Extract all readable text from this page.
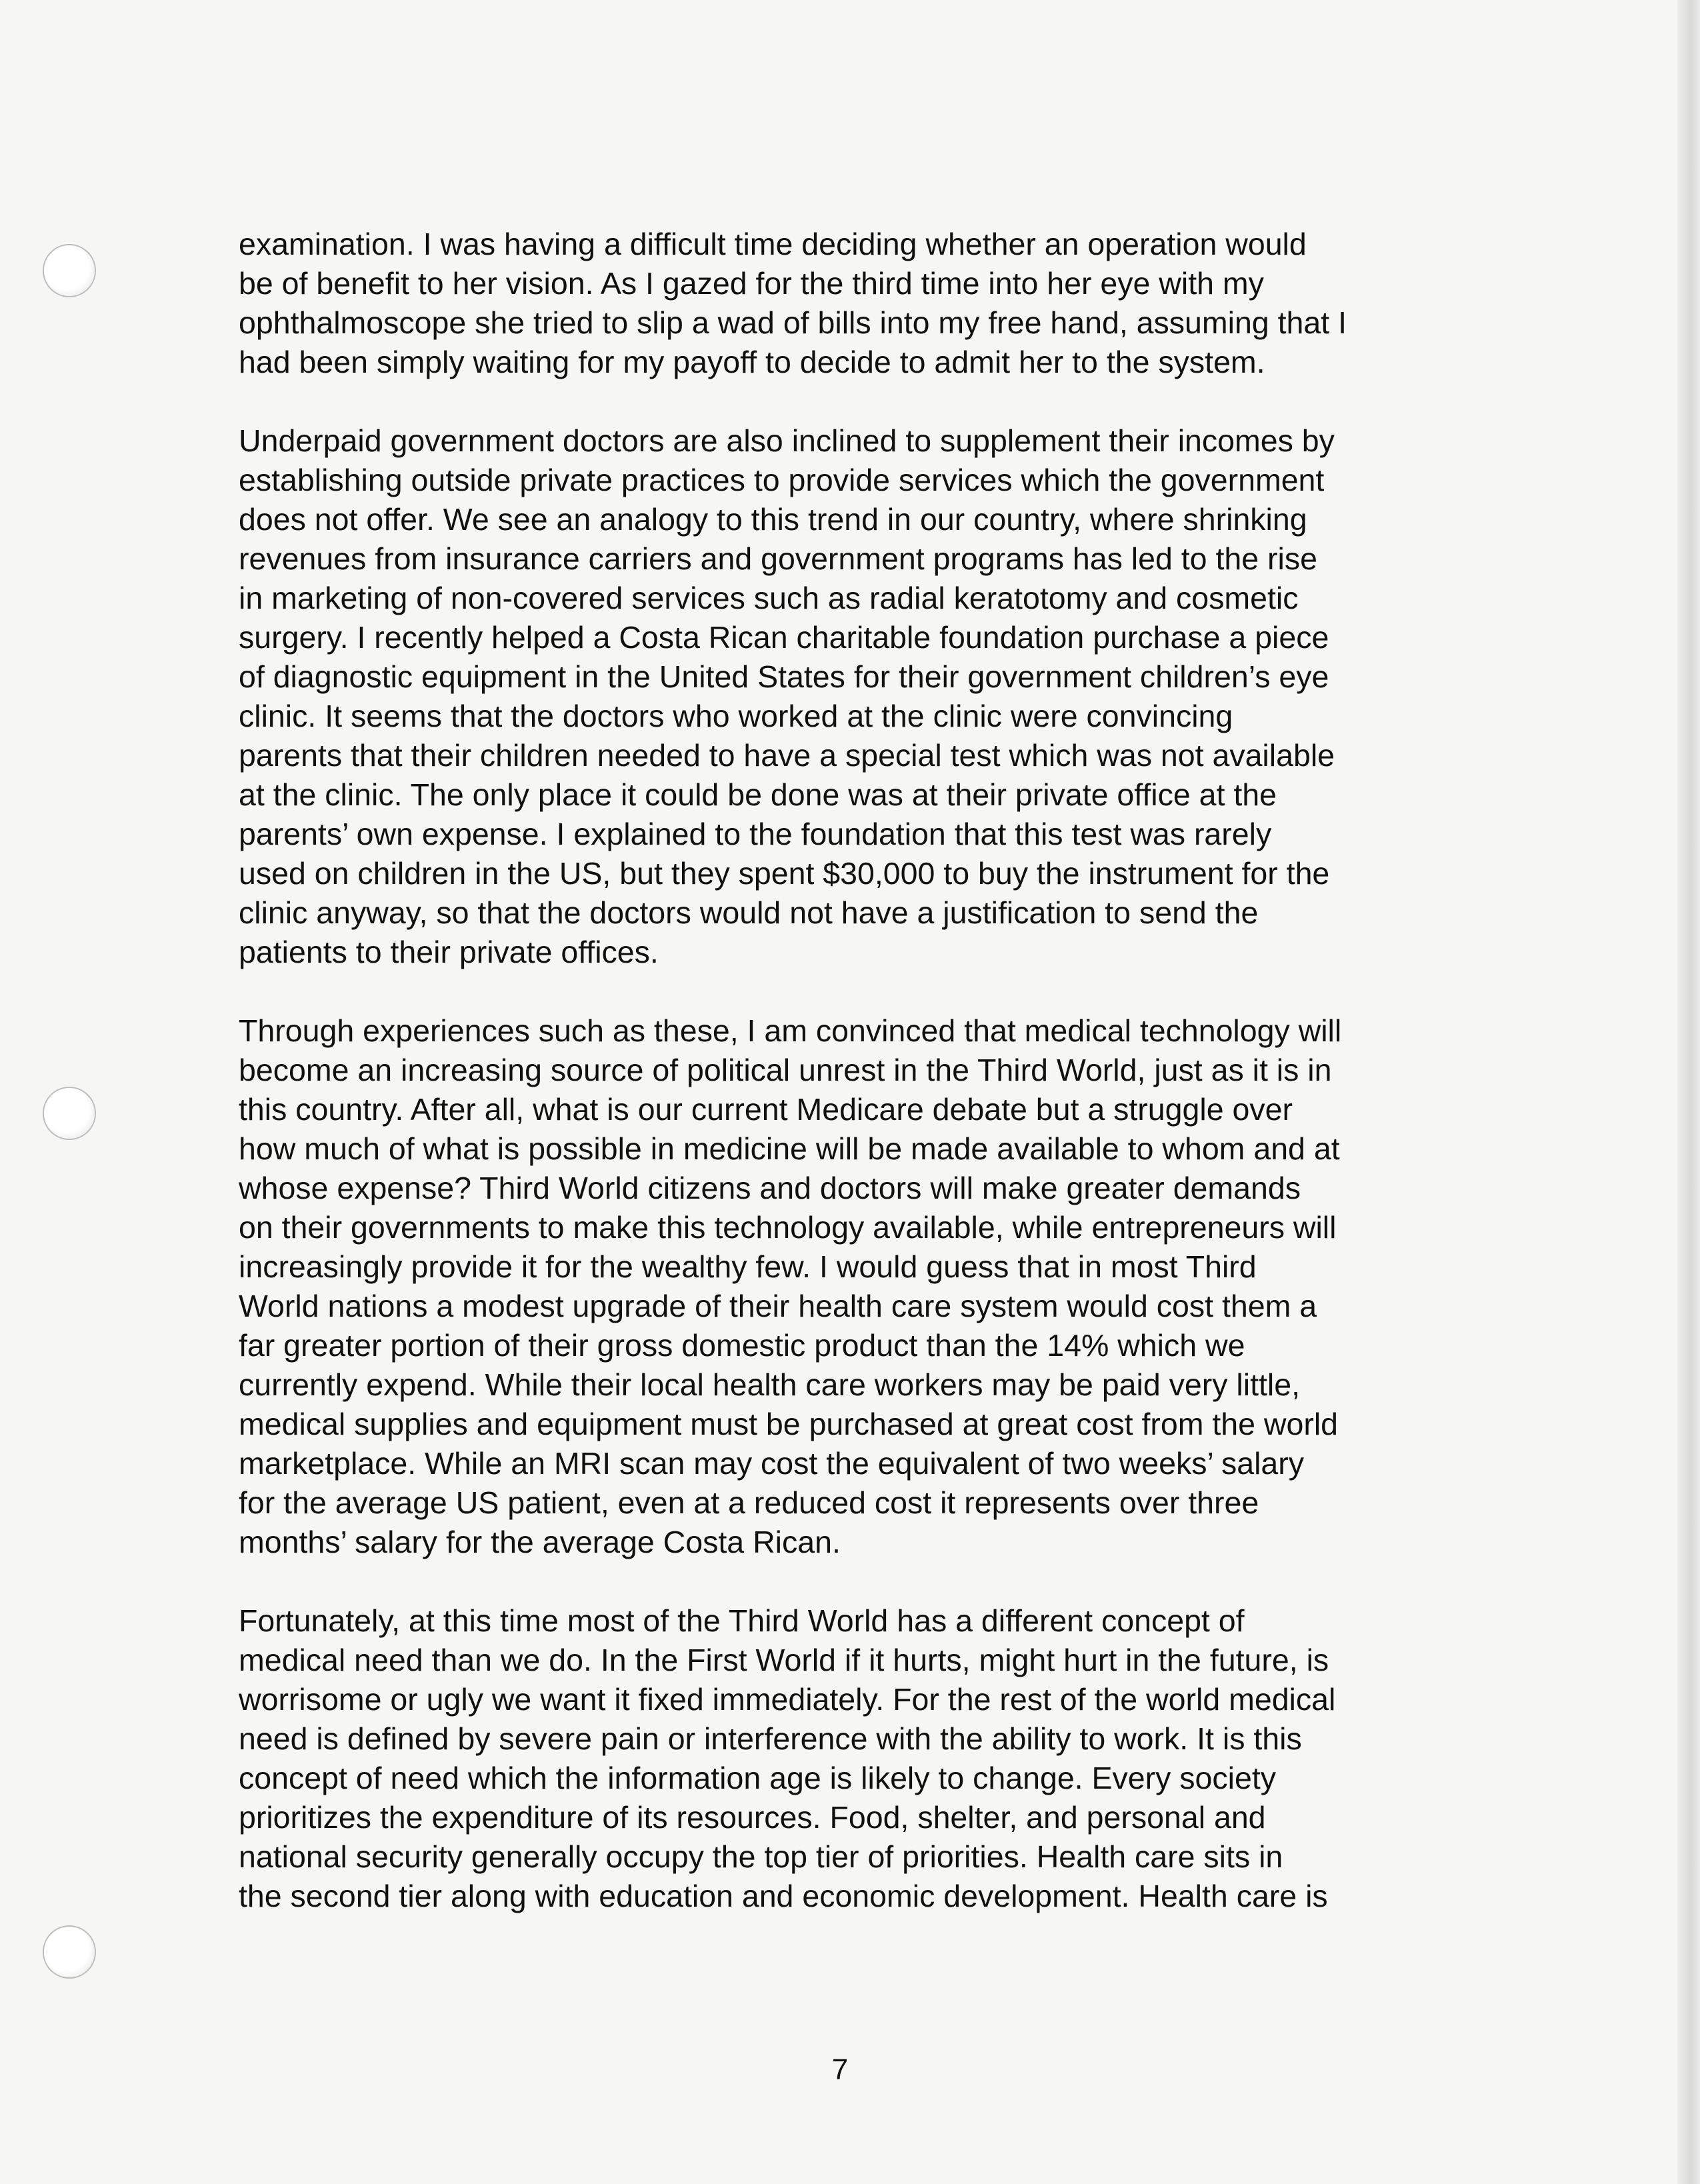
examination. I was having a difficult time deciding whether an operation would
be of benefit to her vision. As I gazed for the third time into her eye with my
ophthalmoscope she tried to slip a wad of bills into my free hand, assuming that I
had been simply waiting for my payoff to decide to admit her to the system.

Underpaid government doctors are also inclined to supplement their incomes by
establishing outside private practices to provide services which the government
does not offer. We see an analogy to this trend in our country, where shrinking
revenues from insurance carriers and government programs has led to the rise
in marketing of non-covered services such as radial keratotomy and cosmetic
surgery. I recently helped a Costa Rican charitable foundation purchase a piece
of diagnostic equipment in the United States for their government children’s eye
clinic. It seems that the doctors who worked at the clinic were convincing
parents that their children needed to have a special test which was not available
at the clinic. The only place it could be done was at their private office at the
parents’ own expense. I explained to the foundation that this test was rarely
used on children in the US, but they spent $30,000 to buy the instrument for the
clinic anyway, so that the doctors would not have a justification to send the
patients to their private offices.

Through experiences such as these, I am convinced that medical technology will
become an increasing source of political unrest in the Third World, just as it is in
this country. After all, what is our current Medicare debate but a struggle over
how much of what is possible in medicine will be made available to whom and at
whose expense? Third World citizens and doctors will make greater demands
on their governments to make this technology available, while entrepreneurs will
increasingly provide it for the wealthy few. I would guess that in most Third
World nations a modest upgrade of their health care system would cost them a
far greater portion of their gross domestic product than the 14% which we
currently expend. While their local health care workers may be paid very little,
medical supplies and equipment must be purchased at great cost from the world
marketplace. While an MRI scan may cost the equivalent of two weeks’ salary
for the average US patient, even at a reduced cost it represents over three
months’ salary for the average Costa Rican.

Fortunately, at this time most of the Third World has a different concept of
medical need than we do. In the First World if it hurts, might hurt in the future, is
worrisome or ugly we want it fixed immediately. For the rest of the world medical
need is defined by severe pain or interference with the ability to work. It is this
concept of need which the information age is likely to change. Every society
prioritizes the expenditure of its resources. Food, shelter, and personal and
national security generally occupy the top tier of priorities. Health care sits in
the second tier along with education and economic development. Health care is

7
